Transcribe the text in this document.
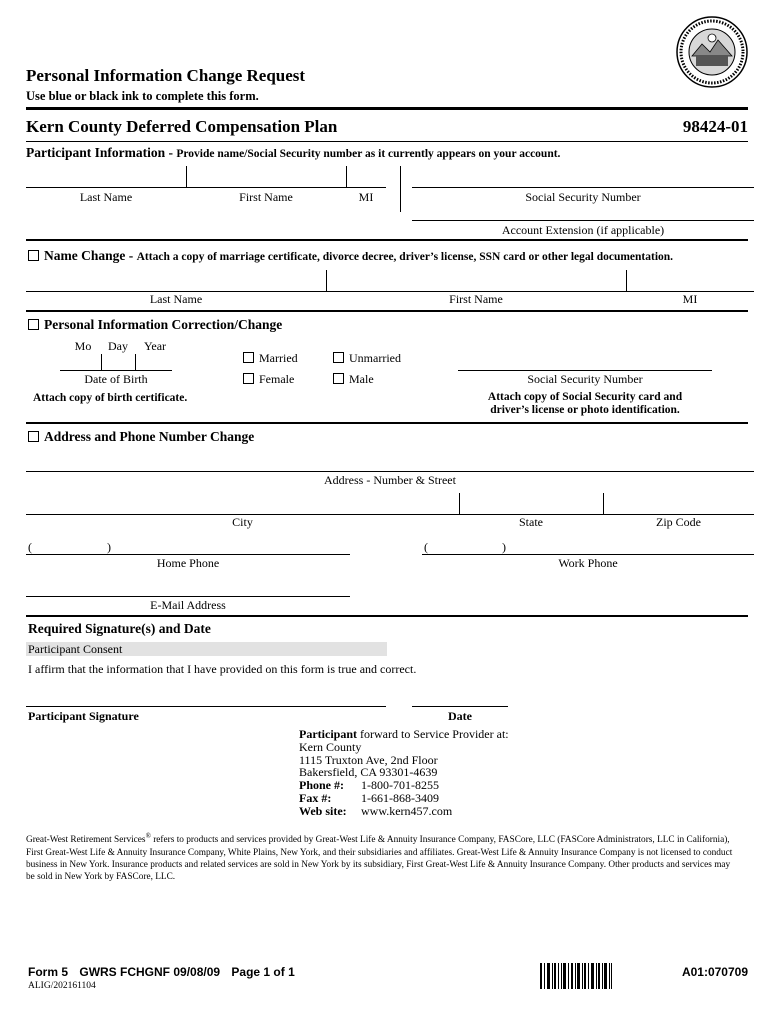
Personal Information Change Request
Use blue or black ink to complete this form.
Kern County Deferred Compensation Plan	98424-01
Participant Information - Provide name/Social Security number as it currently appears on your account.
Last Name	First Name	MI	Social Security Number
Account Extension (if applicable)
Name Change - Attach a copy of marriage certificate, divorce decree, driver’s license, SSN card or other legal documentation.
Last Name	First Name	MI
Personal Information Correction/Change
Mo	Day	Year
Date of Birth
Married	Unmarried
Female	Male	Social Security Number
Attach copy of birth certificate.	Attach copy of Social Security card and
driver’s license or photo identification.
Address and Phone Number Change
Address - Number & Street
City	State	Zip Code
(	)
Home Phone
(	)
Work Phone
E-Mail Address
Required Signature(s) and Date
Participant Consent
I affirm that the information that I have provided on this form is true and correct.
Participant Signature	Date
Participant forward to Service Provider at:
Kern County
1115 Truxton Ave, 2nd Floor
Bakersfield, CA 93301-4639
Phone #: 1-800-701-8255
Fax #: 1-661-868-3409
Web site: www.kern457.com
Great-West Retirement Services® refers to products and services provided by Great-West Life & Annuity Insurance Company, FASCore, LLC (FASCore Administrators, LLC in California), First Great-West Life & Annuity Insurance Company, White Plains, New York, and their subsidiaries and affiliates. Great-West Life & Annuity Insurance Company is not licensed to conduct business in New York. Insurance products and related services are sold in New York by its subsidiary, First Great-West Life & Annuity Insurance Company. Other products and services may be sold in New York by FASCore, LLC.
Form 5 GWRS FCHGNF 09/08/09 Page 1 of 1
ALIG/202161104
A01:070709
